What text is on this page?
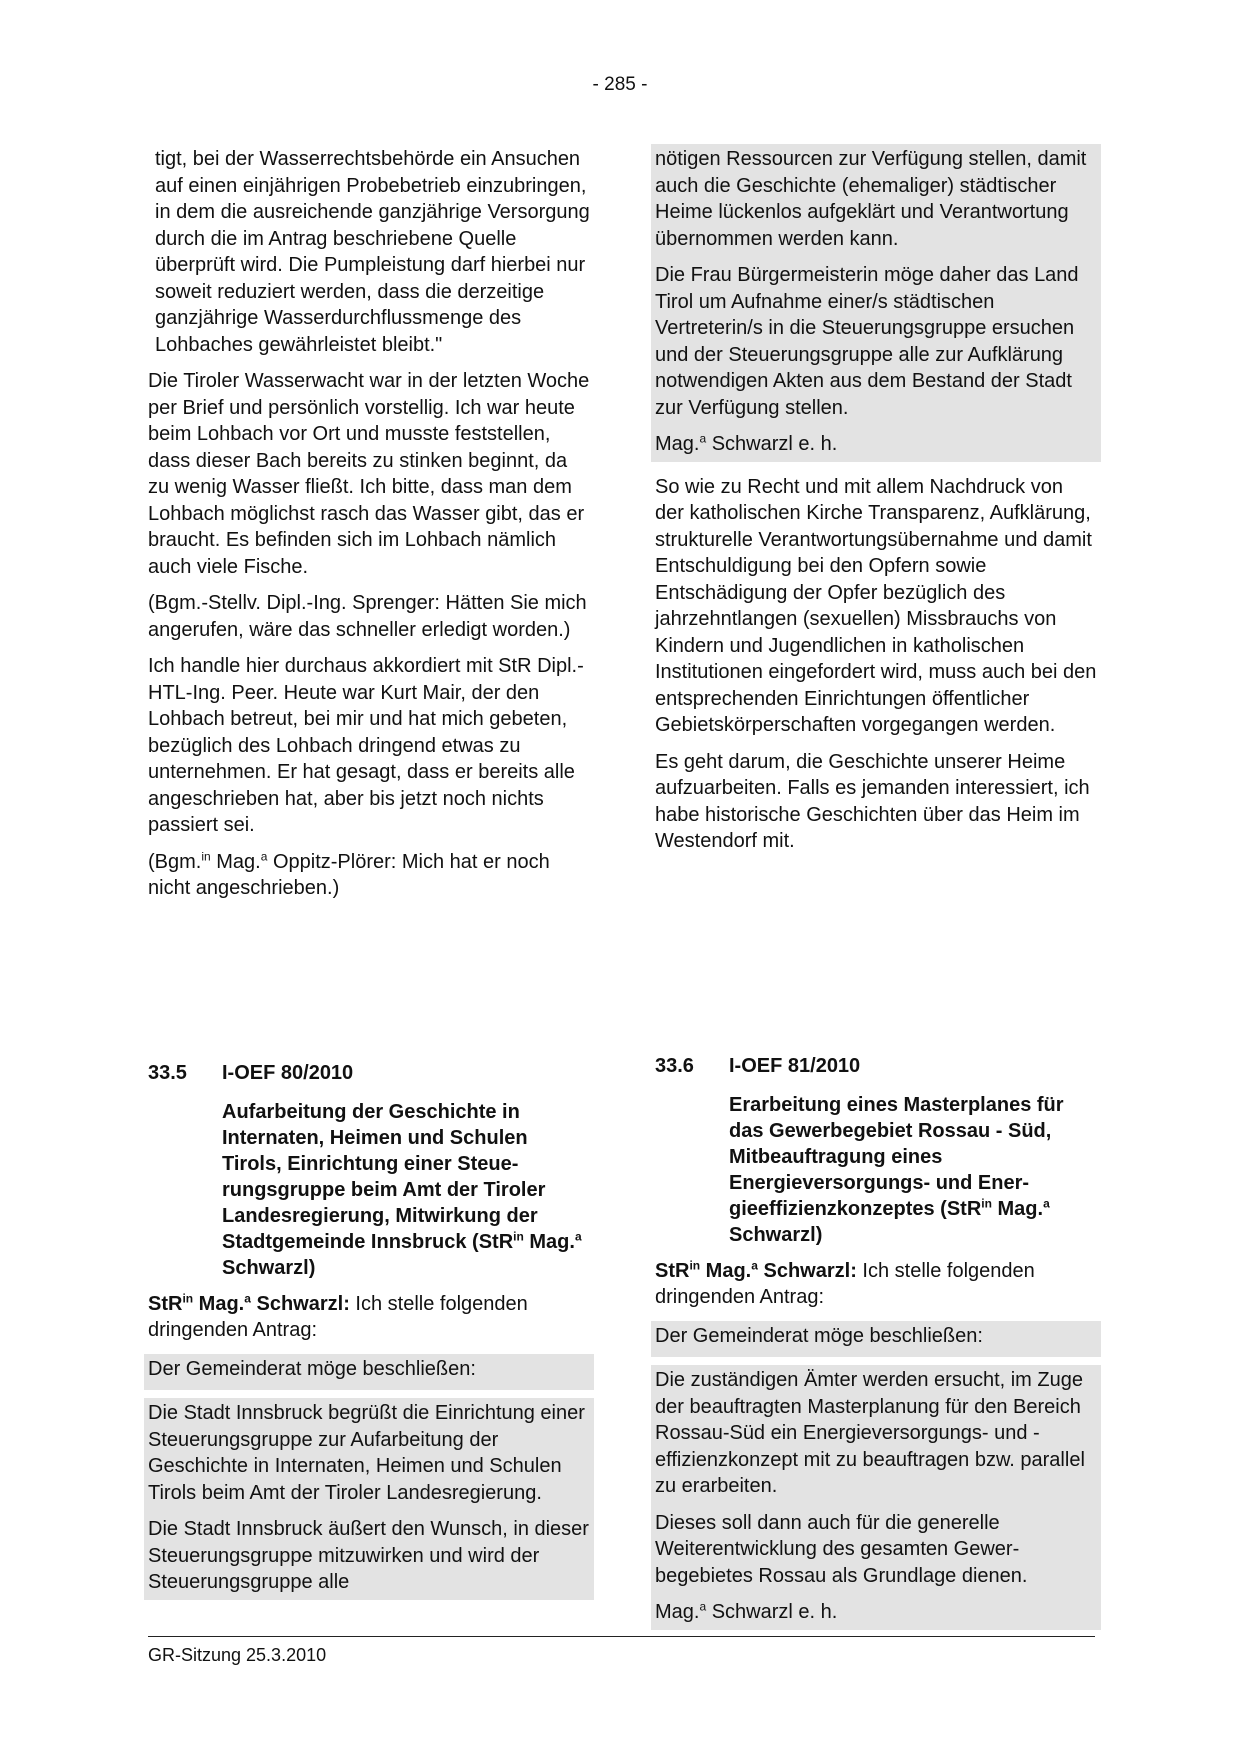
- 285 -

tigt, bei der Wasserrechtsbehörde ein Ansuchen auf einen einjährigen Probebetrieb einzubringen, in dem die ausreichende ganzjährige Versorgung durch die im Antrag beschriebene Quelle überprüft wird. Die Pumpleistung darf hierbei nur soweit reduziert werden, dass die derzeitige ganzjährige Wasserdurchflussmenge des Lohbaches gewährleistet bleibt."

Die Tiroler Wasserwacht war in der letzten Woche per Brief und persönlich vorstellig. Ich war heute beim Lohbach vor Ort und musste feststellen, dass dieser Bach bereits zu stinken beginnt, da zu wenig Wasser fließt. Ich bitte, dass man dem Lohbach möglichst rasch das Wasser gibt, das er braucht. Es befinden sich im Lohbach nämlich auch viele Fische.

(Bgm.-Stellv. Dipl.-Ing. Sprenger: Hätten Sie mich angerufen, wäre das schneller erledigt worden.)

Ich handle hier durchaus akkordiert mit StR Dipl.-HTL-Ing. Peer. Heute war Kurt Mair, der den Lohbach betreut, bei mir und hat mich gebeten, bezüglich des Lohbach dringend etwas zu unternehmen. Er hat gesagt, dass er bereits alle angeschrieben hat, aber bis jetzt noch nichts passiert sei.

(Bgm.$^{in}$ Mag.$^a$ Oppitz-Plörer: Mich hat er noch nicht angeschrieben.)

nötigen Ressourcen zur Verfügung stellen, damit auch die Geschichte (ehemaliger) städtischer Heime lückenlos aufgeklärt und Verantwortung übernommen werden kann.

Die Frau Bürgermeisterin möge daher das Land Tirol um Aufnahme einer/s städtischen Vertreterin/s in die Steuerungsgruppe ersuchen und der Steuerungsgruppe alle zur Aufklärung notwendigen Akten aus dem Bestand der Stadt zur Verfügung stellen.

Mag.$^a$ Schwarzl e. h.

So wie zu Recht und mit allem Nachdruck von der katholischen Kirche Transparenz, Aufklärung, strukturelle Verantwortungsübernahme und damit Entschuldigung bei den Opfern sowie Entschädigung der Opfer bezüglich des jahrzehntlangen (sexuellen) Missbrauchs von Kindern und Jugendlichen in katholischen Institutionen eingefordert wird, muss auch bei den entsprechenden Einrichtungen öffentlicher Gebietskörperschaften vorgegangen werden.

Es geht darum, die Geschichte unserer Heime aufzuarbeiten. Falls es jemanden interessiert, ich habe historische Geschichten über das Heim im Westendorf mit.

33.5	I-OEF 80/2010
Aufarbeitung der Geschichte in Internaten, Heimen und Schulen Tirols, Einrichtung einer Steuerungsgruppe beim Amt der Tiroler Landesregierung, Mitwirkung der Stadtgemeinde Innsbruck (StR$^{in}$ Mag.$^a$ Schwarzl)

StR$^{in}$ Mag.$^a$ Schwarzl: Ich stelle folgenden dringenden Antrag:

Der Gemeinderat möge beschließen:

Die Stadt Innsbruck begrüßt die Einrichtung einer Steuerungsgruppe zur Aufarbeitung der Geschichte in Internaten, Heimen und Schulen Tirols beim Amt der Tiroler Landesregierung.

Die Stadt Innsbruck äußert den Wunsch, in dieser Steuerungsgruppe mitzuwirken und wird der Steuerungsgruppe alle

33.6	I-OEF 81/2010
Erarbeitung eines Masterplanes für das Gewerbegebiet Rossau - Süd, Mitbeauftragung eines Energieversorgungs- und Energieeffizienzkonzeptes (StR$^{in}$ Mag.$^a$ Schwarzl)

StR$^{in}$ Mag.$^a$ Schwarzl: Ich stelle folgenden dringenden Antrag:

Der Gemeinderat möge beschließen:

Die zuständigen Ämter werden ersucht, im Zuge der beauftragten Masterplanung für den Bereich Rossau-Süd ein Energieversorgungs- und -effizienzkonzept mit zu beauftragen bzw. parallel zu erarbeiten.

Dieses soll dann auch für die generelle Weiterentwicklung des gesamten Gewerbegebietes Rossau als Grundlage dienen.

Mag.$^a$ Schwarzl e. h.

GR-Sitzung 25.3.2010
